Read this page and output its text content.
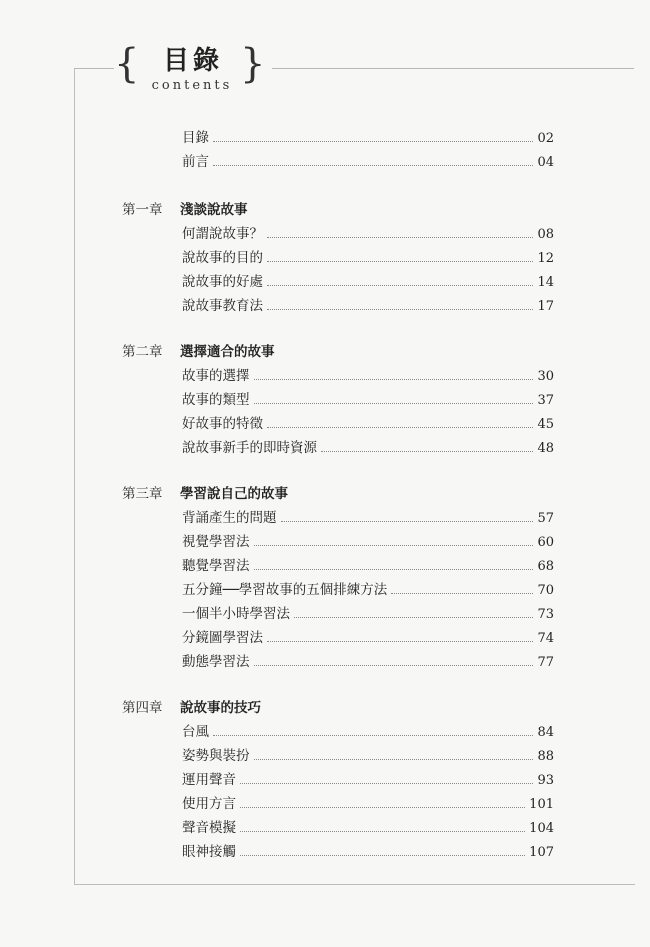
{ 目錄
contents }
目錄	02
前言	04
第一章	淺談說故事
何謂說故事？	08
說故事的目的	12
說故事的好處	14
說故事教育法	17
第二章	選擇適合的故事
故事的選擇	30
故事的類型	37
好故事的特徵	45
說故事新手的即時資源	48
第三章	學習說自己的故事
背誦產生的問題	57
視覺學習法	60
聽覺學習法	68
五分鐘──學習故事的五個排練方法	70
一個半小時學習法	73
分鏡圖學習法	74
動態學習法	77
第四章	說故事的技巧
台風	84
姿勢與裝扮	88
運用聲音	93
使用方言	101
聲音模擬	104
眼神接觸	107
